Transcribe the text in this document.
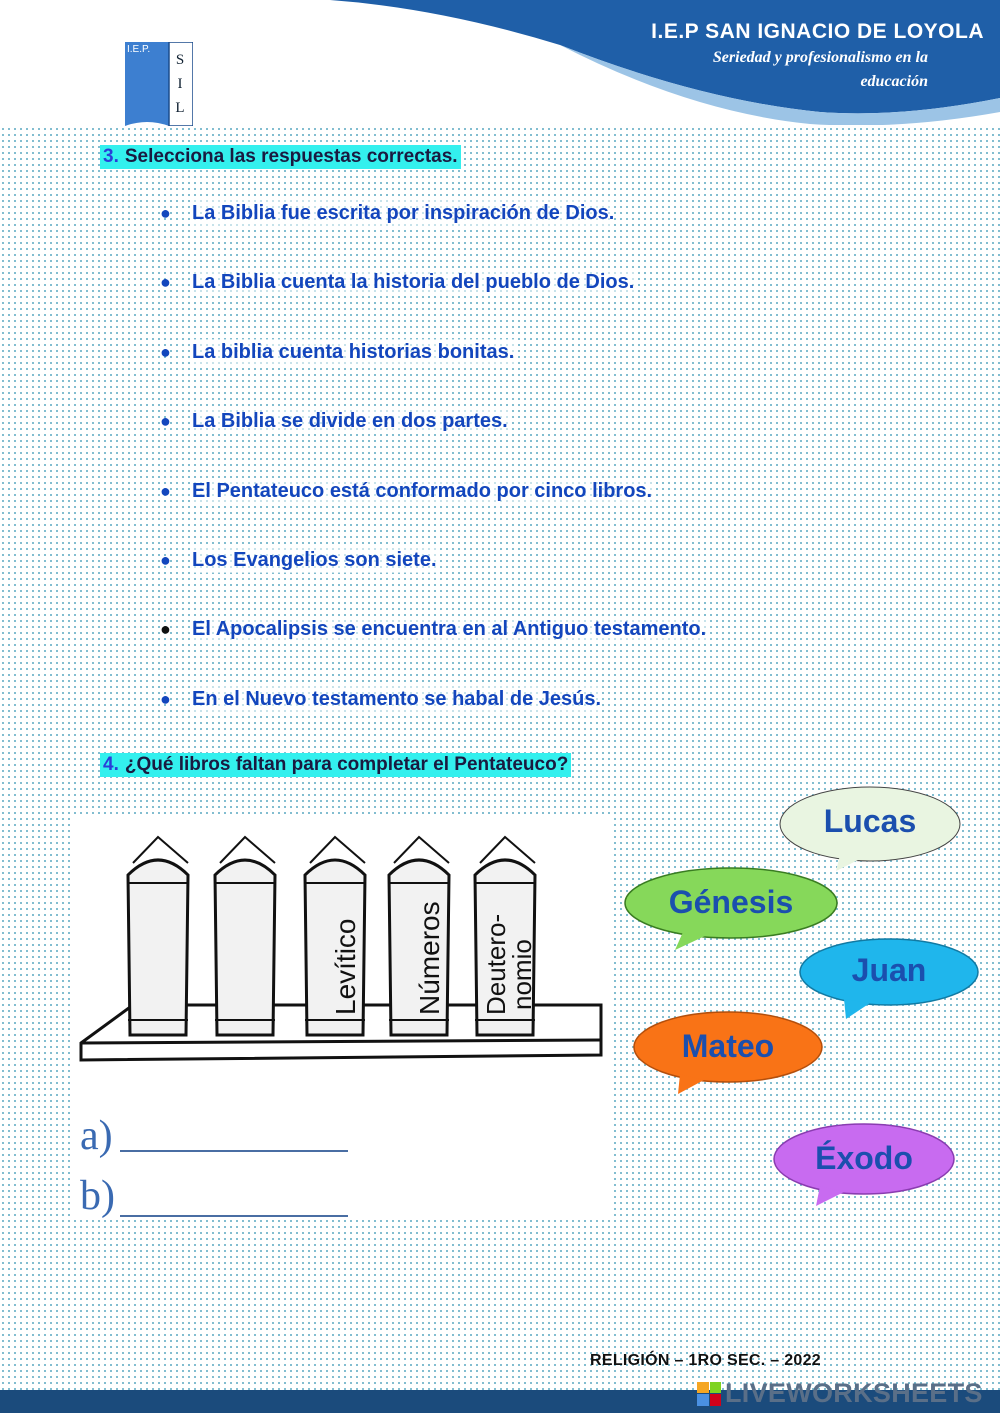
I.E.P SAN IGNACIO DE LOYOLA
Seriedad y profesionalismo en la
educación
I.E.P.
S
I
L
3. Selecciona las respuestas correctas.
●	La Biblia fue escrita por inspiración de Dios.
●	La Biblia cuenta la historia del pueblo de Dios.
●	La biblia cuenta historias bonitas.
●	La Biblia se divide en dos partes.
●	El Pentateuco está conformado por cinco libros.
●	Los Evangelios son siete.
●	El Apocalipsis se encuentra en al Antiguo testamento.
●	En el Nuevo testamento se habal de Jesús.
4. ¿Qué libros faltan para completar el Pentateuco?
Levítico Números Deutero-
nomio
a)
b)
Lucas
Génesis
Juan
Mateo
Éxodo
RELIGIÓN – 1RO SEC. – 2022
LIVEWORKSHEETS
